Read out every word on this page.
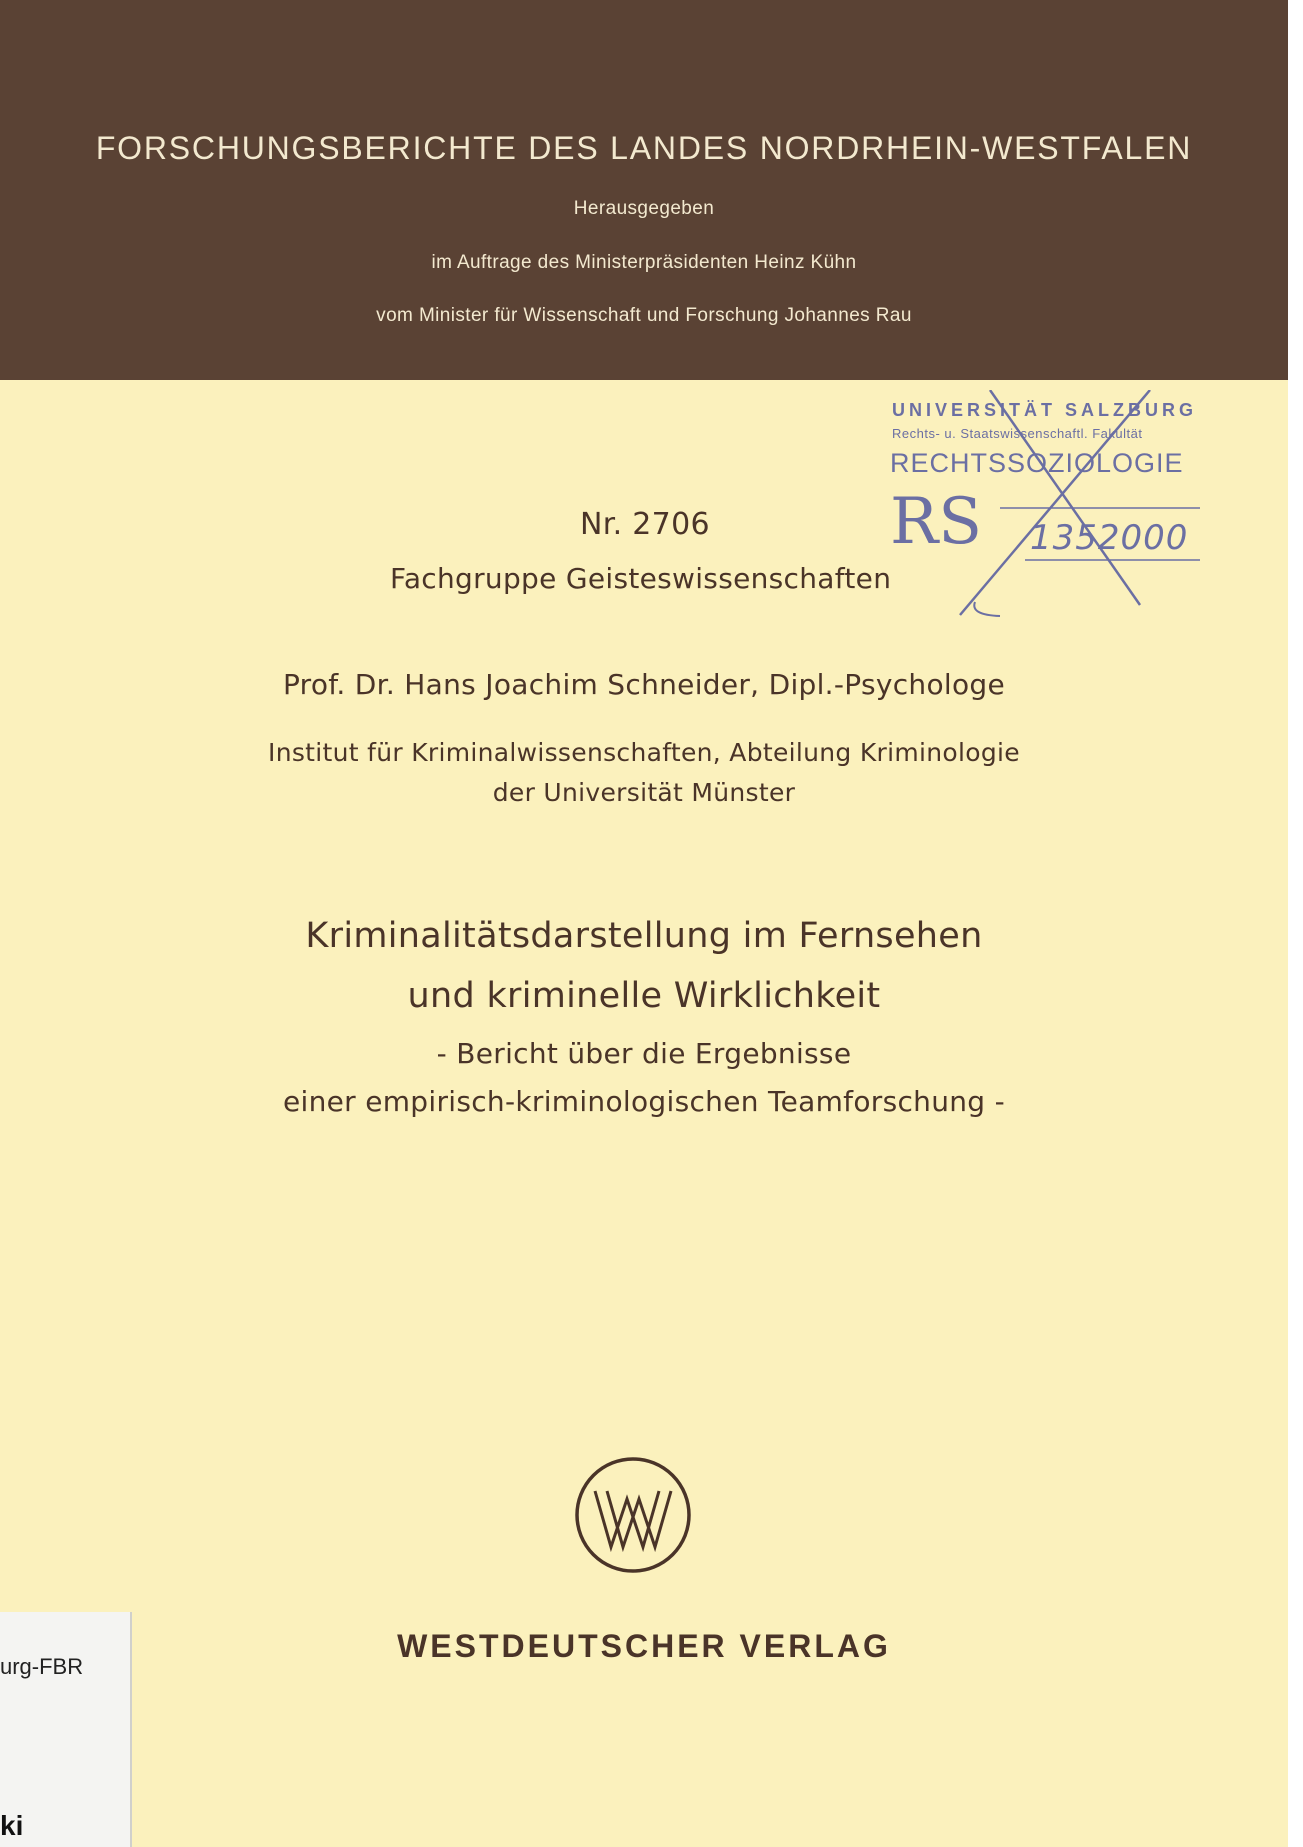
FORSCHUNGSBERICHTE DES LANDES NORDRHEIN-WESTFALEN
Herausgegeben
im Auftrage des Ministerpräsidenten Heinz Kühn
vom Minister für Wissenschaft und Forschung Johannes Rau
UNIVERSITÄT SALZBURG
Rechts- u. Staatswissenschaftl. Fakultät
RECHTSSOZIOLOGIE
RS 1352000
Nr. 2706
Fachgruppe Geisteswissenschaften
Prof. Dr. Hans Joachim Schneider, Dipl.-Psychologe
Institut für Kriminalwissenschaften, Abteilung Kriminologie
der Universität Münster
Kriminalitätsdarstellung im Fernsehen
und kriminelle Wirklichkeit
- Bericht über die Ergebnisse
einer empirisch-kriminologischen Teamforschung -
WESTDEUTSCHER VERLAG
urg-FBR
ki
